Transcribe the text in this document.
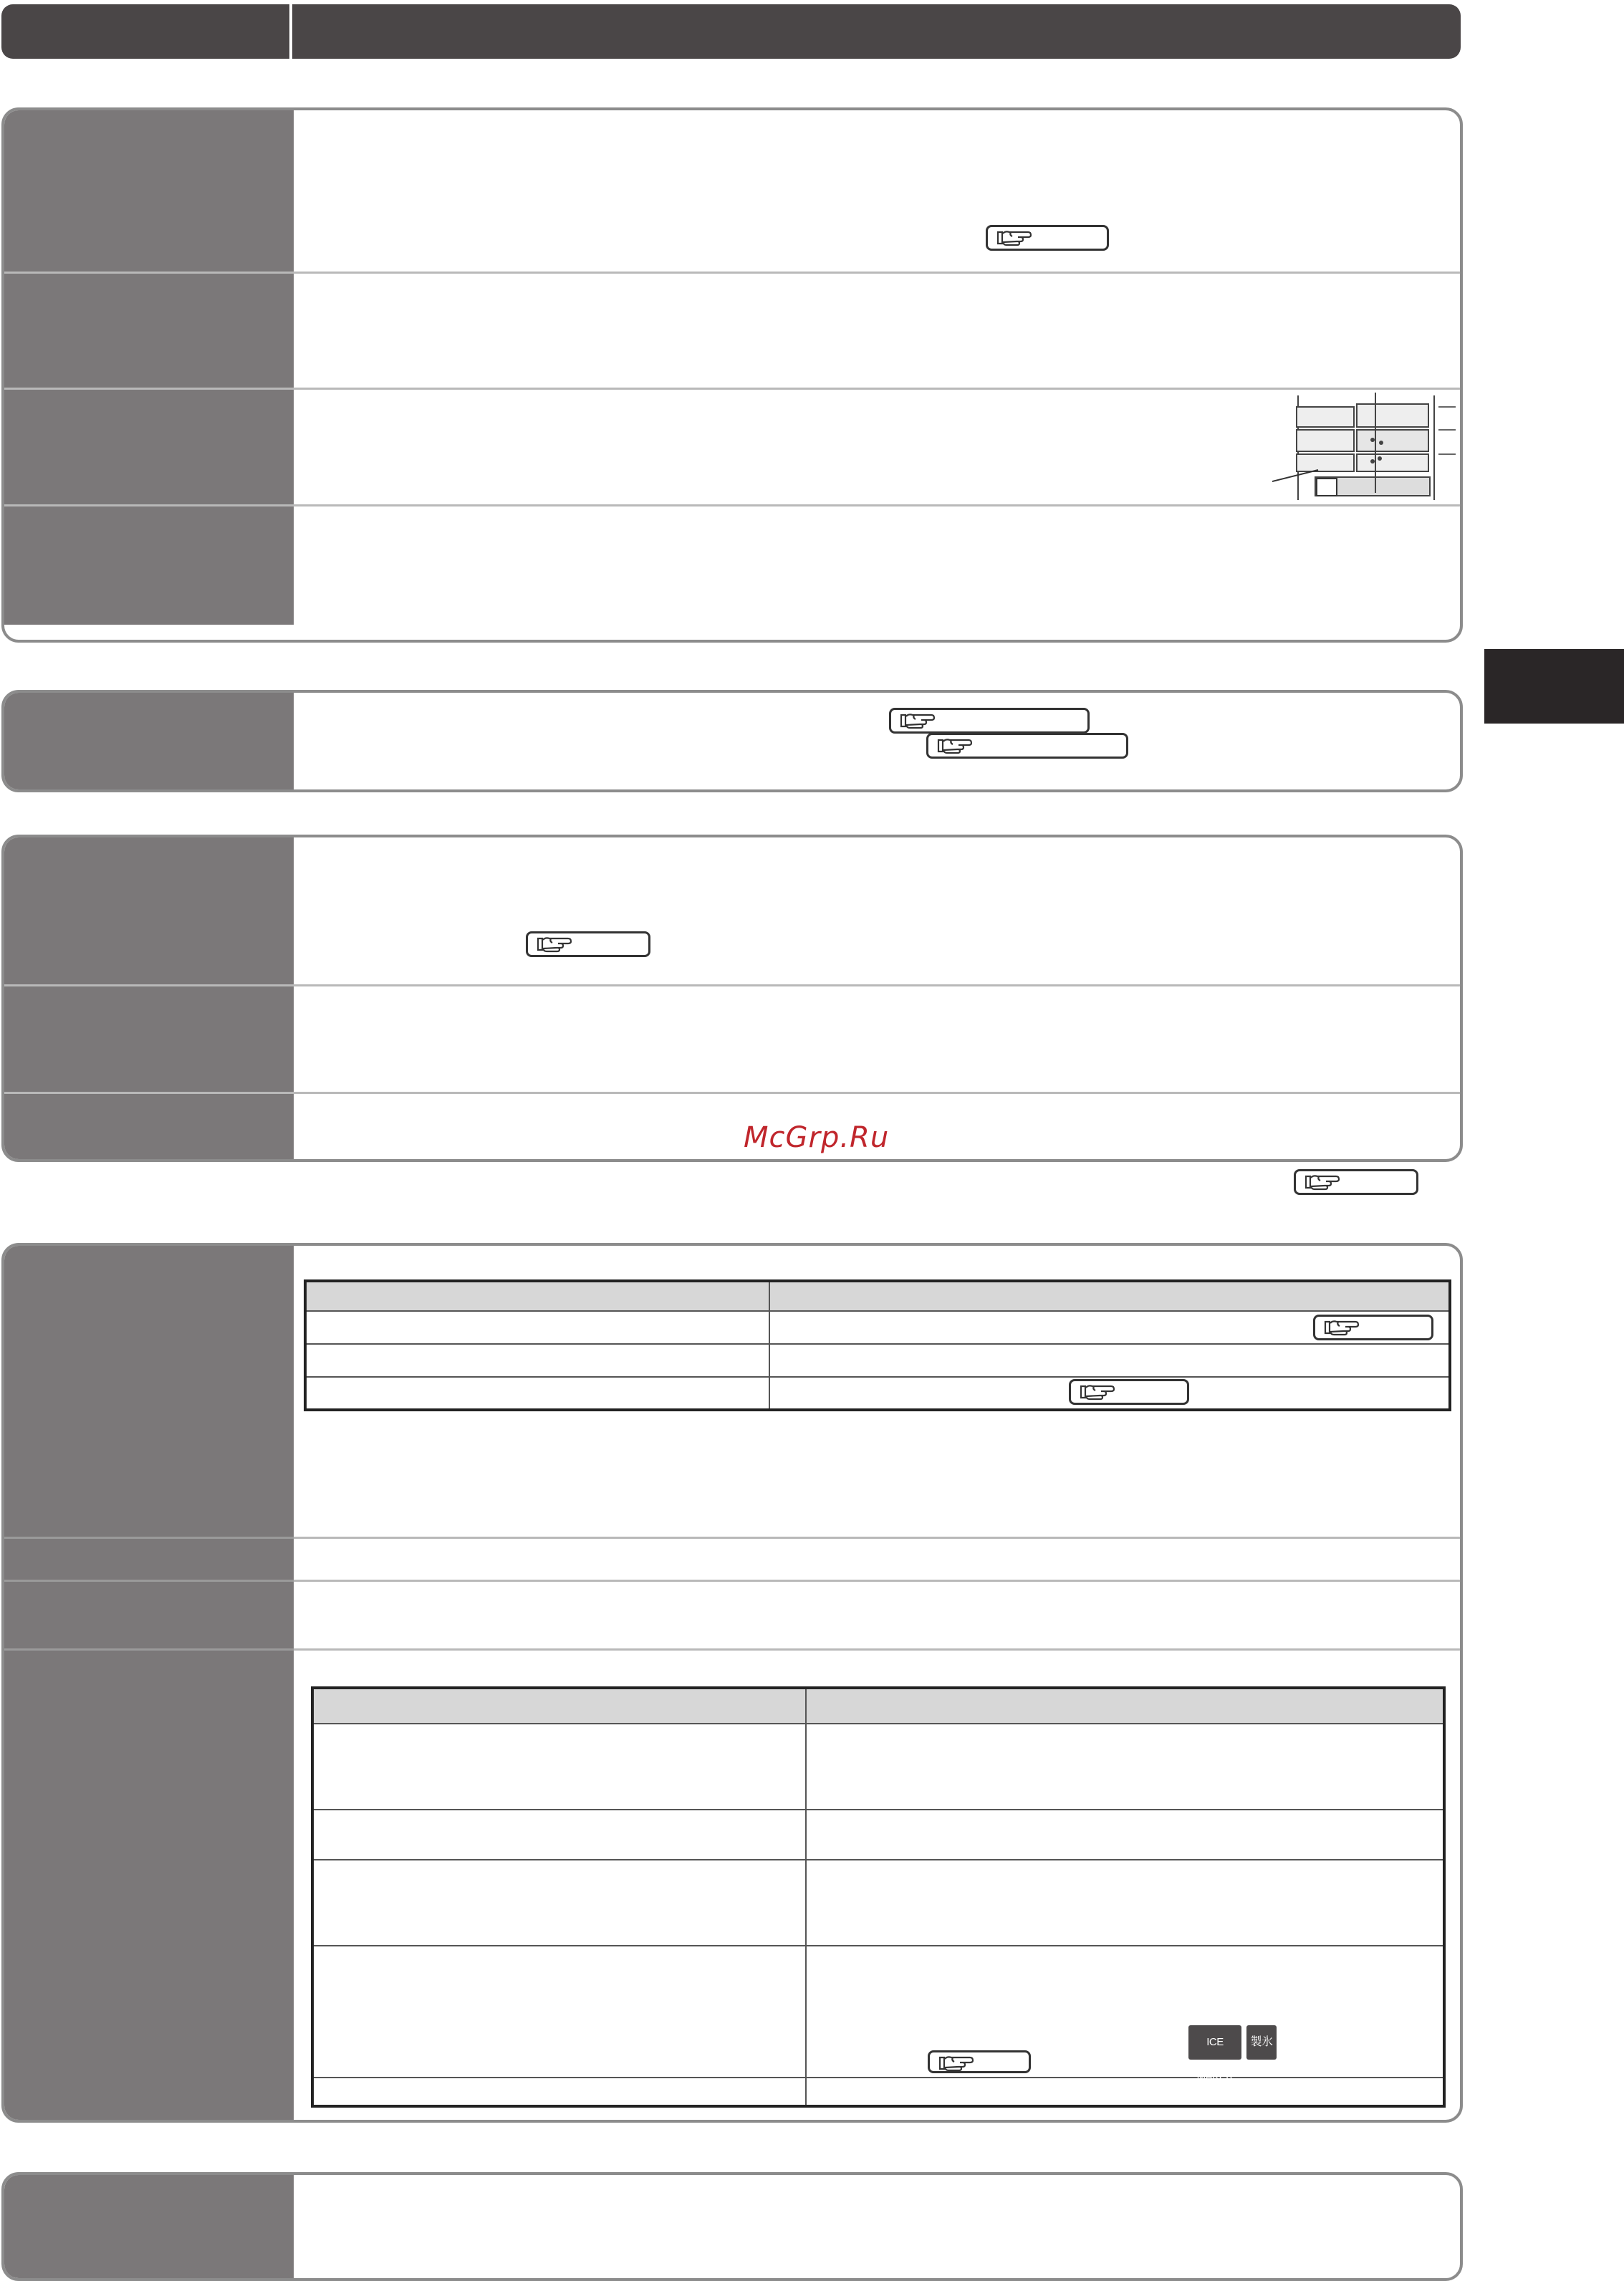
McGrp.Ru

	ICE MAKER
製氷
